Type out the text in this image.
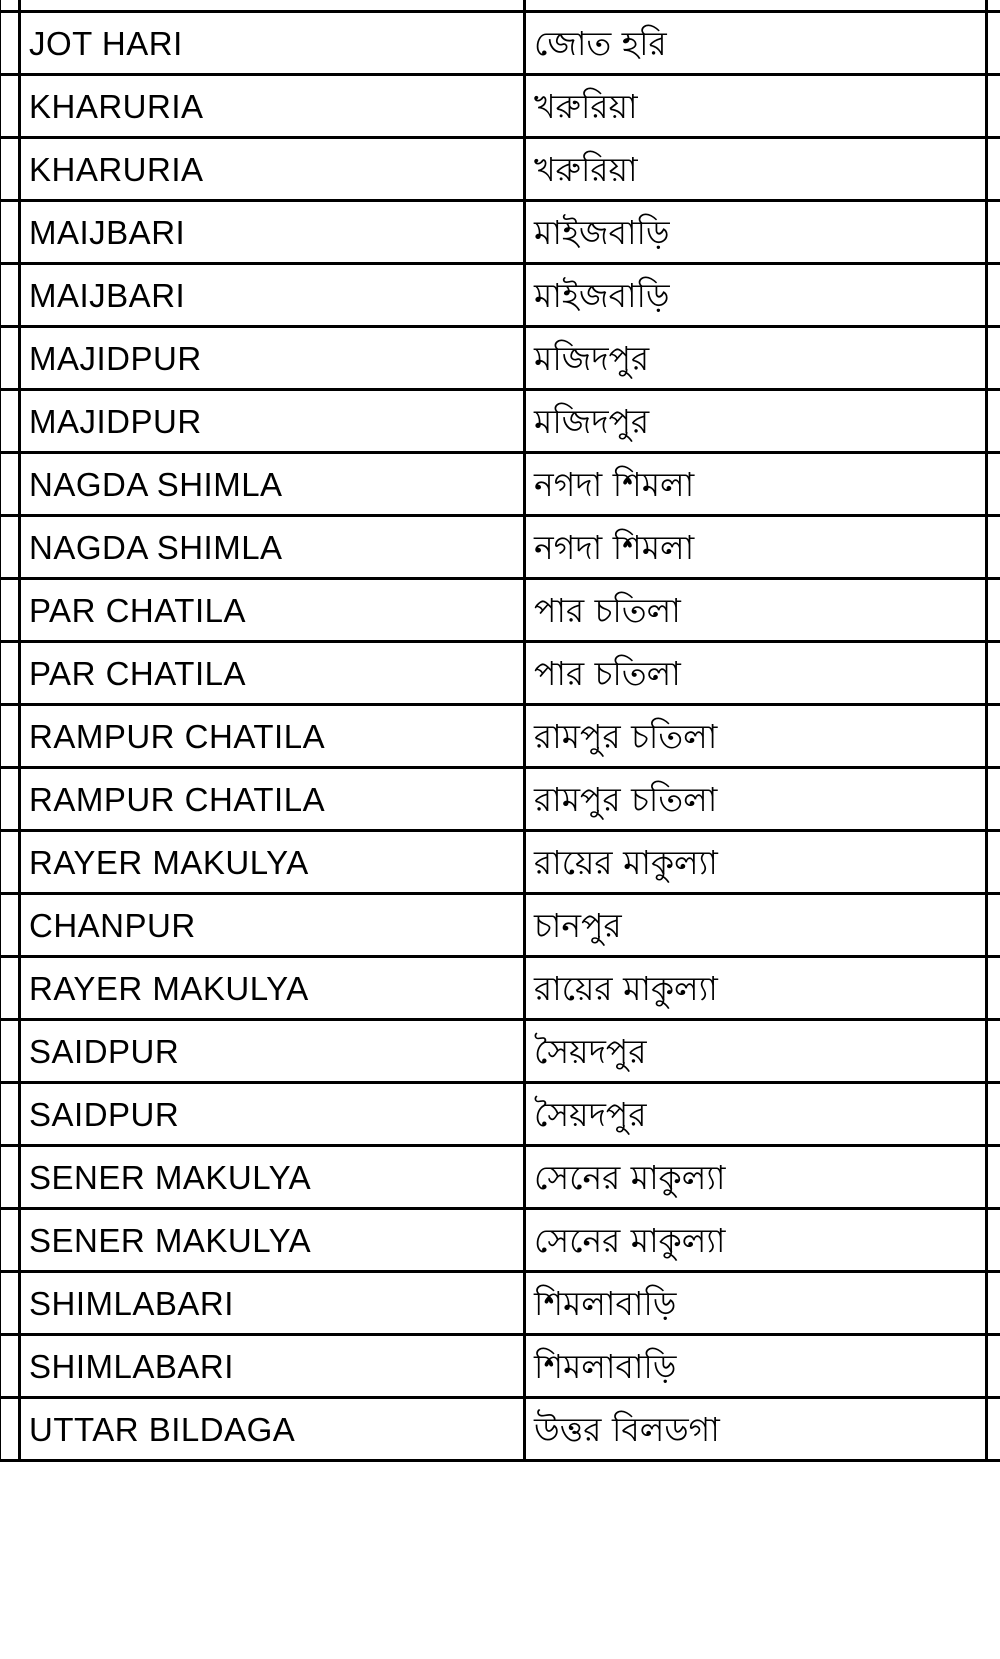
	JOT HARI	জোত হরি	
	KHARURIA	খরুরিয়া	
	KHARURIA	খরুরিয়া	
	MAIJBARI	মাইজবাড়ি	
	MAIJBARI	মাইজবাড়ি	
	MAJIDPUR	মজিদপুর	
	MAJIDPUR	মজিদপুর	
	NAGDA SHIMLA	নগদা শিমলা	
	NAGDA SHIMLA	নগদা শিমলা	
	PAR CHATILA	পার চতিলা	
	PAR CHATILA	পার চতিলা	
	RAMPUR CHATILA	রামপুর চতিলা	
	RAMPUR CHATILA	রামপুর চতিলা	
	RAYER MAKULYA	রায়ের মাকুল্যা	
	CHANPUR	চানপুর	
	RAYER MAKULYA	রায়ের মাকুল্যা	
	SAIDPUR	সৈয়দপুর	
	SAIDPUR	সৈয়দপুর	
	SENER MAKULYA	সেনের মাকুল্যা	
	SENER MAKULYA	সেনের মাকুল্যা	
	SHIMLABARI	শিমলাবাড়ি	
	SHIMLABARI	শিমলাবাড়ি	
	UTTAR BILDAGA	উত্তর বিলডগা	
